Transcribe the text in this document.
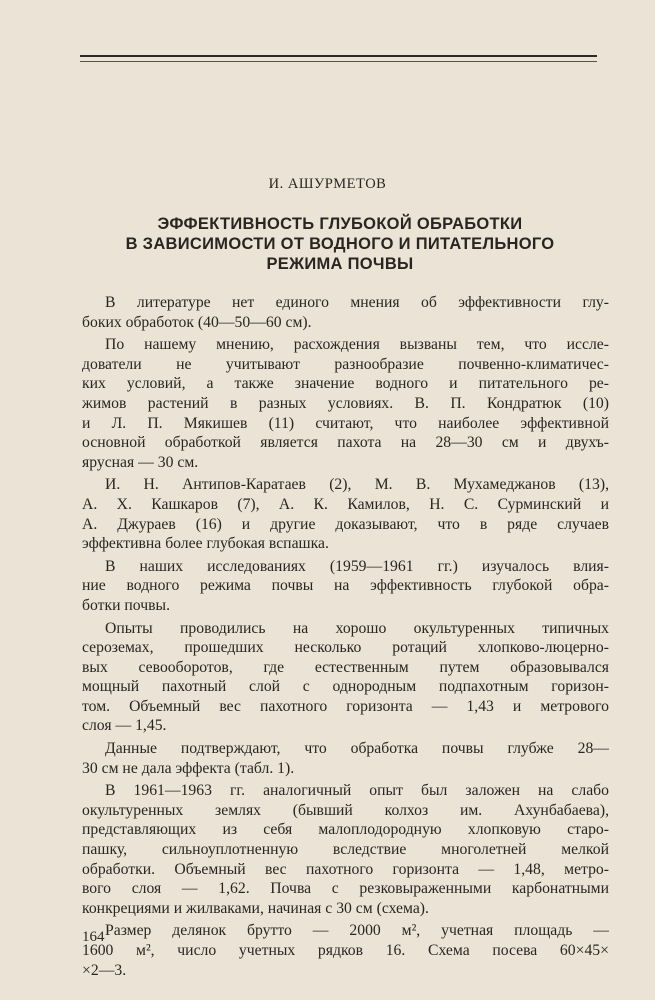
И. АШУРМЕТОВ
ЭФФЕКТИВНОСТЬ ГЛУБОКОЙ ОБРАБОТКИ
В ЗАВИСИМОСТИ ОТ ВОДНОГО И ПИТАТЕЛЬНОГО
РЕЖИМА ПОЧВЫ
В литературе нет единого мнения об эффективности глу-
боких обработок (40—50—60 см).
По нашему мнению, расхождения вызваны тем, что иссле-
дователи не учитывают разнообразие почвенно-климатичес-
ких условий, а также значение водного и питательного ре-
жимов растений в разных условиях. В. П. Кондратюк (10)
и Л. П. Мякишев (11) считают, что наиболее эффективной
основной обработкой является пахота на 28—30 см и двухъ-
ярусная — 30 см.
И. Н. Антипов-Каратаев (2), М. В. Мухамеджанов (13),
А. Х. Кашкаров (7), А. К. Камилов, Н. С. Сурминский и
А. Джураев (16) и другие доказывают, что в ряде случаев
эффективна более глубокая вспашка.
В наших исследованиях (1959—1961 гг.) изучалось влия-
ние водного режима почвы на эффективность глубокой обра-
ботки почвы.
Опыты проводились на хорошо окультуренных типичных
сероземах, прошедших несколько ротаций хлопково-люцерно-
вых севооборотов, где естественным путем образовывался
мощный пахотный слой с однородным подпахотным горизон-
том. Объемный вес пахотного горизонта — 1,43 и метрового
слоя — 1,45.
Данные подтверждают, что обработка почвы глубже 28—
30 см не дала эффекта (табл. 1).
В 1961—1963 гг. аналогичный опыт был заложен на слабо
окультуренных землях (бывший колхоз им. Ахунбабаева),
представляющих из себя малоплодородную хлопковую старо-
пашку, сильноуплотненную вследствие многолетней мелкой
обработки. Объемный вес пахотного горизонта — 1,48, метро-
вого слоя — 1,62. Почва с резковыраженными карбонатными
конкрециями и жилваками, начиная с 30 см (схема).
Размер делянок брутто — 2000 м², учетная площадь —
1600 м², число учетных рядков 16. Схема посева 60×45×
×2—3.
164
